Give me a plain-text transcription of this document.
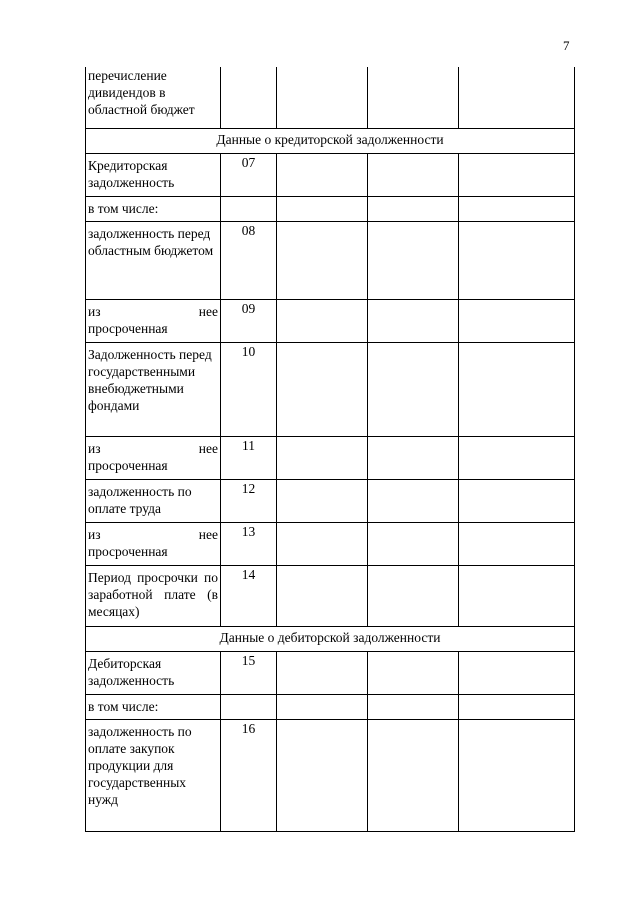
7
перечисление дивидендов в областной бюджет				
Данные о кредиторской задолженности				
Кредиторская задолженность	07			
в том числе:				
задолженность перед областным бюджетом	08			

из нее
просроченная	09			
Задолженность перед государственными внебюджетными фондами	10			

из нее
просроченная	11			
задолженность по оплате труда	12			

из нее
просроченная	13			
Период просрочки по заработной плате (в месяцах)	14			
Данные о дебиторской задолженности				
Дебиторская задолженность	15			
в том числе:				
задолженность по оплате закупок продукции для государственных нужд	16			
